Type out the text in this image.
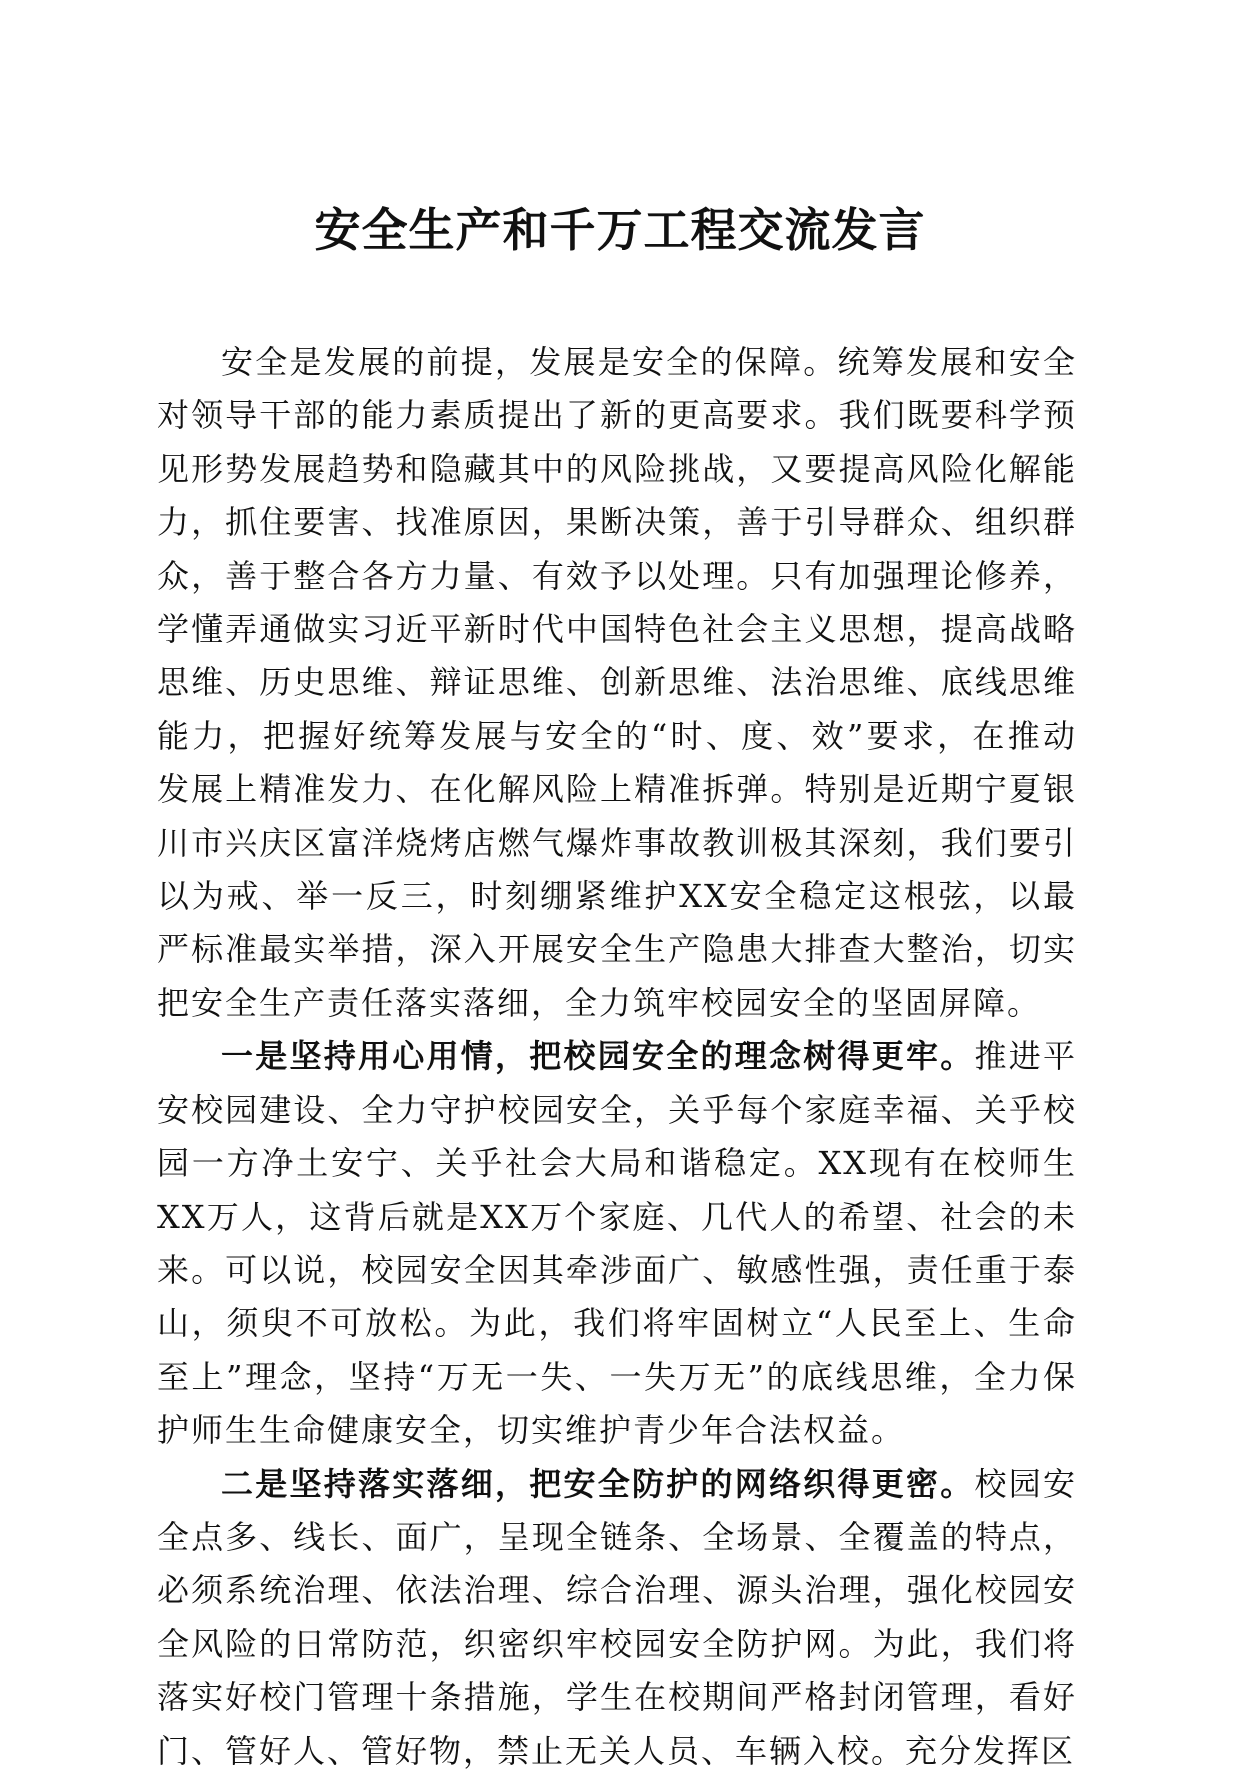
安全生产和千万工程交流发言

安全是发展的前提，发展是安全的保障。统筹发展和安全对领导干部的能力素质提出了新的更高要求。我们既要科学预见形势发展趋势和隐藏其中的风险挑战，又要提高风险化解能力，抓住要害、找准原因，果断决策，善于引导群众、组织群众，善于整合各方力量、有效予以处理。只有加强理论修养，学懂弄通做实习近平新时代中国特色社会主义思想，提高战略思维、历史思维、辩证思维、创新思维、法治思维、底线思维能力，把握好统筹发展与安全的“时、度、效”要求，在推动发展上精准发力、在化解风险上精准拆弹。特别是近期宁夏银川市兴庆区富洋烧烤店燃气爆炸事故教训极其深刻，我们要引以为戒、举一反三，时刻绷紧维护XX安全稳定这根弦，以最严标准最实举措，深入开展安全生产隐患大排查大整治，切实把安全生产责任落实落细，全力筑牢校园安全的坚固屏障。

一是坚持用心用情，把校园安全的理念树得更牢。推进平安校园建设、全力守护校园安全，关乎每个家庭幸福、关乎校园一方净土安宁、关乎社会大局和谐稳定。XX现有在校师生XX万人，这背后就是XX万个家庭、几代人的希望、社会的未来。可以说，校园安全因其牵涉面广、敏感性强，责任重于泰山，须臾不可放松。为此，我们将牢固树立“人民至上、生命至上”理念，坚持“万无一失、一失万无”的底线思维，全力保护师生生命健康安全，切实维护青少年合法权益。

二是坚持落实落细，把安全防护的网络织得更密。校园安全点多、线长、面广，呈现全链条、全场景、全覆盖的特点，必须系统治理、依法治理、综合治理、源头治理，强化校园安全风险的日常防范，织密织牢校园安全防护网。为此，我们将落实好校门管理十条措施，学生在校期间严格封闭管理，看好门、管好人、管好物，禁止无关人员、车辆入校。充分发挥区
